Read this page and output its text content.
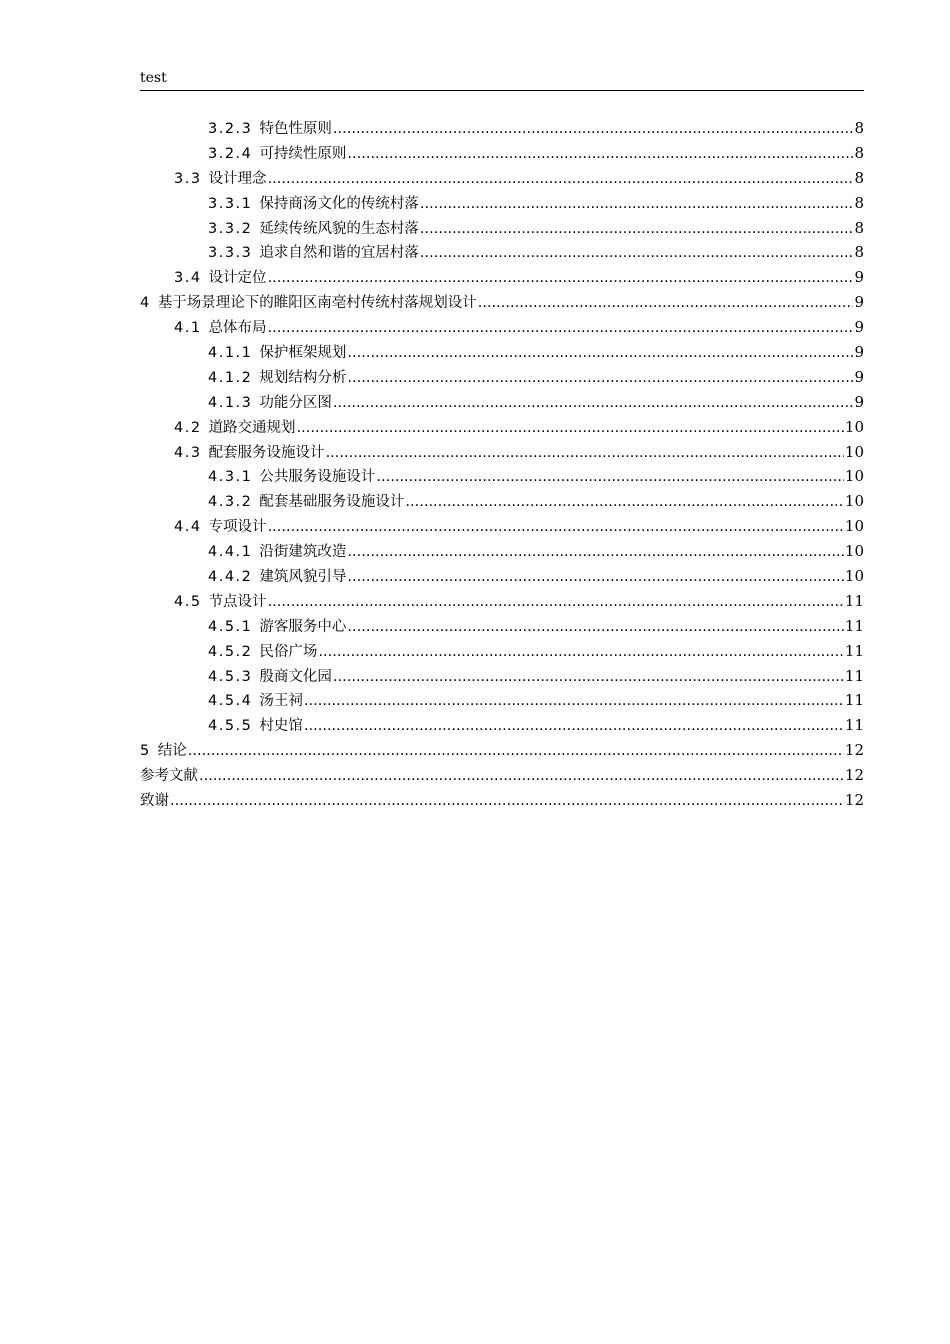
test
3.2.3 特色性原则 .....	8
3.2.4 可持续性原则 .....	8
3.3 设计理念 .....	8
3.3.1 保持商汤文化的传统村落 .....	8
3.3.2 延续传统风貌的生态村落 .....	8
3.3.3 追求自然和谐的宜居村落 .....	8
3.4 设计定位 .....	9
4 基于场景理论下的睢阳区南亳村传统村落规划设计 .....	9
4.1 总体布局 .....	9
4.1.1 保护框架规划 .....	9
4.1.2 规划结构分析 .....	9
4.1.3 功能分区图 .....	9
4.2 道路交通规划 .....	10
4.3 配套服务设施设计 .....	10
4.3.1 公共服务设施设计 .....	10
4.3.2 配套基础服务设施设计 .....	10
4.4 专项设计 .....	10
4.4.1 沿街建筑改造 .....	10
4.4.2 建筑风貌引导 .....	10
4.5 节点设计 .....	11
4.5.1 游客服务中心 .....	11
4.5.2 民俗广场 .....	11
4.5.3 殷商文化园 .....	11
4.5.4 汤王祠 .....	11
4.5.5 村史馆 .....	11
5 结论 .....	12
参考文献 .....	12
致谢 .....	12
